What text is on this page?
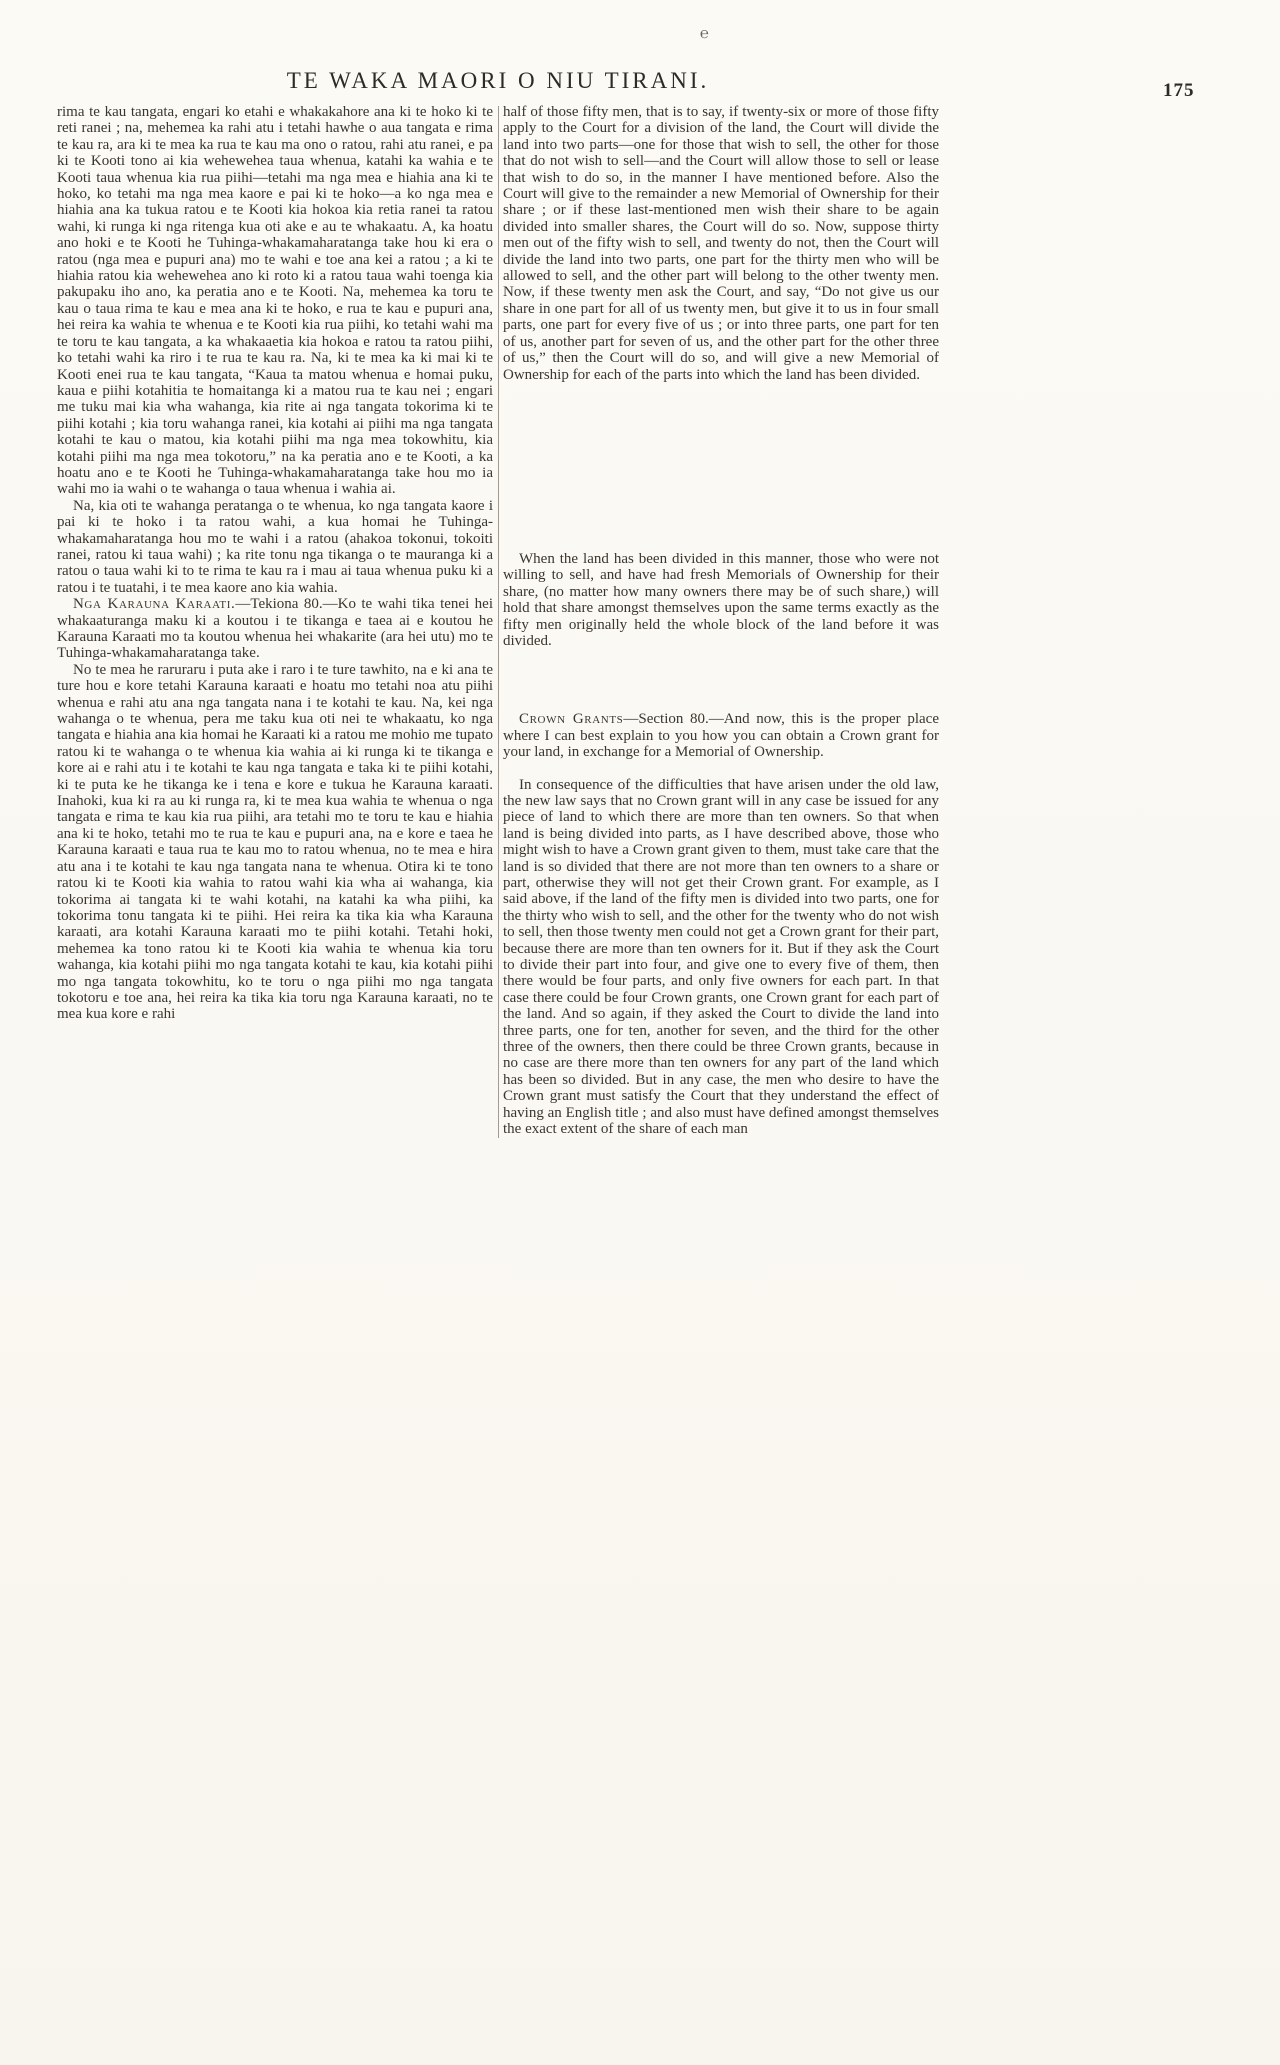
TE WAKA MAORI O NIU TIRANI.	175
℮

rima te kau tangata, engari ko etahi e whakakahore ana ki te hoko ki te reti ranei ; na, mehemea ka rahi atu i tetahi hawhe o aua tangata e rima te kau ra, ara ki te mea ka rua te kau ma ono o ratou, rahi atu ranei, e pa ki te Kooti tono ai kia wehewehea taua whenua, katahi ka wahia e te Kooti taua whenua kia rua piihi—tetahi ma nga mea e hiahia ana ki te hoko, ko tetahi ma nga mea kaore e pai ki te hoko—a ko nga mea e hiahia ana ka tukua ratou e te Kooti kia hokoa kia retia ranei ta ratou wahi, ki runga ki nga ritenga kua oti ake e au te whakaatu. A, ka hoatu ano hoki e te Kooti he Tuhinga-whakamaharatanga take hou ki era o ratou (nga mea e pupuri ana) mo te wahi e toe ana kei a ratou ; a ki te hiahia ratou kia wehewehea ano ki roto ki a ratou taua wahi toenga kia pakupaku iho ano, ka peratia ano e te Kooti. Na, mehemea ka toru te kau o taua rima te kau e mea ana ki te hoko, e rua te kau e pupuri ana, hei reira ka wahia te whenua e te Kooti kia rua piihi, ko tetahi wahi ma te toru te kau tangata, a ka whakaaetia kia hokoa e ratou ta ratou piihi, ko tetahi wahi ka riro i te rua te kau ra. Na, ki te mea ka ki mai ki te Kooti enei rua te kau tangata, “Kaua ta matou whenua e homai puku, kaua e piihi kotahitia te homaitanga ki a matou rua te kau nei ; engari me tuku mai kia wha wahanga, kia rite ai nga tangata tokorima ki te piihi kotahi ; kia toru wahanga ranei, kia kotahi ai piihi ma nga tangata kotahi te kau o matou, kia kotahi piihi ma nga mea tokowhitu, kia kotahi piihi ma nga mea tokotoru,” na ka peratia ano e te Kooti, a ka hoatu ano e te Kooti he Tuhinga-whakamaharatanga take hou mo ia wahi mo ia wahi o te wahanga o taua whenua i wahia ai.

Na, kia oti te wahanga peratanga o te whenua, ko nga tangata kaore i pai ki te hoko i ta ratou wahi, a kua homai he Tuhinga-whakamaharatanga hou mo te wahi i a ratou (ahakoa tokonui, tokoiti ranei, ratou ki taua wahi) ; ka rite tonu nga tikanga o te mauranga ki a ratou o taua wahi ki to te rima te kau ra i mau ai taua whenua puku ki a ratou i te tuatahi, i te mea kaore ano kia wahia.

Nga Karauna Karaati.—Tekiona 80.—Ko te wahi tika tenei hei whakaaturanga maku ki a koutou i te tikanga e taea ai e koutou he Karauna Karaati mo ta koutou whenua hei whakarite (ara hei utu) mo te Tuhinga-whakamaharatanga take.

No te mea he raruraru i puta ake i raro i te ture tawhito, na e ki ana te ture hou e kore tetahi Karauna karaati e hoatu mo tetahi noa atu piihi whenua e rahi atu ana nga tangata nana i te kotahi te kau. Na, kei nga wahanga o te whenua, pera me taku kua oti nei te whakaatu, ko nga tangata e hiahia ana kia homai he Karaati ki a ratou me mohio me tupato ratou ki te wahanga o te whenua kia wahia ai ki runga ki te tikanga e kore ai e rahi atu i te kotahi te kau nga tangata e taka ki te piihi kotahi, ki te puta ke he tikanga ke i tena e kore e tukua he Karauna karaati. Inahoki, kua ki ra au ki runga ra, ki te mea kua wahia te whenua o nga tangata e rima te kau kia rua piihi, ara tetahi mo te toru te kau e hiahia ana ki te hoko, tetahi mo te rua te kau e pupuri ana, na e kore e taea he Karauna karaati e taua rua te kau mo to ratou whenua, no te mea e hira atu ana i te kotahi te kau nga tangata nana te whenua. Otira ki te tono ratou ki te Kooti kia wahia to ratou wahi kia wha ai wahanga, kia tokorima ai tangata ki te wahi kotahi, na katahi ka wha piihi, ka tokorima tonu tangata ki te piihi. Hei reira ka tika kia wha Karauna karaati, ara kotahi Karauna karaati mo te piihi kotahi. Tetahi hoki, mehemea ka tono ratou ki te Kooti kia wahia te whenua kia toru wahanga, kia kotahi piihi mo nga tangata kotahi te kau, kia kotahi piihi mo nga tangata tokowhitu, ko te toru o nga piihi mo nga tangata tokotoru e toe ana, hei reira ka tika kia toru nga Karauna karaati, no te mea kua kore e rahi

half of those fifty men, that is to say, if twenty-six or more of those fifty apply to the Court for a division of the land, the Court will divide the land into two parts—one for those that wish to sell, the other for those that do not wish to sell—and the Court will allow those to sell or lease that wish to do so, in the manner I have mentioned before. Also the Court will give to the remainder a new Memorial of Ownership for their share ; or if these last-mentioned men wish their share to be again divided into smaller shares, the Court will do so. Now, suppose thirty men out of the fifty wish to sell, and twenty do not, then the Court will divide the land into two parts, one part for the thirty men who will be allowed to sell, and the other part will belong to the other twenty men. Now, if these twenty men ask the Court, and say, “Do not give us our share in one part for all of us twenty men, but give it to us in four small parts, one part for every five of us ; or into three parts, one part for ten of us, another part for seven of us, and the other part for the other three of us,” then the Court will do so, and will give a new Memorial of Ownership for each of the parts into which the land has been divided.

When the land has been divided in this manner, those who were not willing to sell, and have had fresh Memorials of Ownership for their share, (no matter how many owners there may be of such share,) will hold that share amongst themselves upon the same terms exactly as the fifty men originally held the whole block of the land before it was divided.

Crown Grants—Section 80.—And now, this is the proper place where I can best explain to you how you can obtain a Crown grant for your land, in exchange for a Memorial of Ownership.

In consequence of the difficulties that have arisen under the old law, the new law says that no Crown grant will in any case be issued for any piece of land to which there are more than ten owners. So that when land is being divided into parts, as I have described above, those who might wish to have a Crown grant given to them, must take care that the land is so divided that there are not more than ten owners to a share or part, otherwise they will not get their Crown grant. For example, as I said above, if the land of the fifty men is divided into two parts, one for the thirty who wish to sell, and the other for the twenty who do not wish to sell, then those twenty men could not get a Crown grant for their part, because there are more than ten owners for it. But if they ask the Court to divide their part into four, and give one to every five of them, then there would be four parts, and only five owners for each part. In that case there could be four Crown grants, one Crown grant for each part of the land. And so again, if they asked the Court to divide the land into three parts, one for ten, another for seven, and the third for the other three of the owners, then there could be three Crown grants, because in no case are there more than ten owners for any part of the land which has been so divided. But in any case, the men who desire to have the Crown grant must satisfy the Court that they understand the effect of having an English title ; and also must have defined amongst themselves the exact extent of the share of each man
